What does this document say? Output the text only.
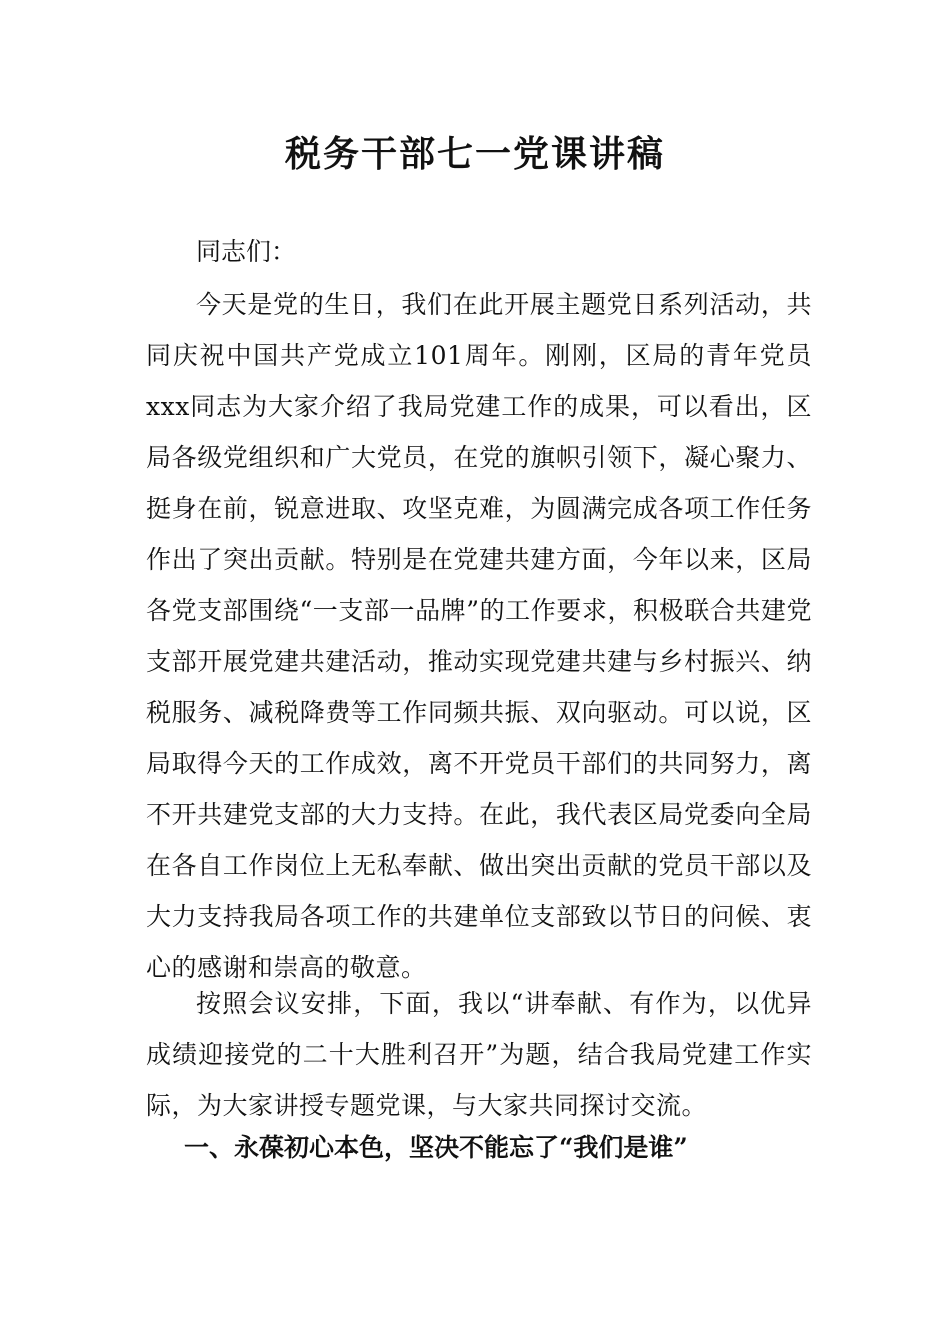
税务干部七一党课讲稿

同志们：

今天是党的生日，我们在此开展主题党日系列活动，共同庆祝中国共产党成立101周年。刚刚，区局的青年党员xxx同志为大家介绍了我局党建工作的成果，可以看出，区局各级党组织和广大党员，在党的旗帜引领下，凝心聚力、挺身在前，锐意进取、攻坚克难，为圆满完成各项工作任务作出了突出贡献。特别是在党建共建方面，今年以来，区局各党支部围绕“一支部一品牌”的工作要求，积极联合共建党支部开展党建共建活动，推动实现党建共建与乡村振兴、纳税服务、减税降费等工作同频共振、双向驱动。可以说，区局取得今天的工作成效，离不开党员干部们的共同努力，离不开共建党支部的大力支持。在此，我代表区局党委向全局在各自工作岗位上无私奉献、做出突出贡献的党员干部以及大力支持我局各项工作的共建单位支部致以节日的问候、衷心的感谢和崇高的敬意。

按照会议安排，下面，我以“讲奉献、有作为，以优异成绩迎接党的二十大胜利召开”为题，结合我局党建工作实际，为大家讲授专题党课，与大家共同探讨交流。

一、永葆初心本色，坚决不能忘了“我们是谁”
